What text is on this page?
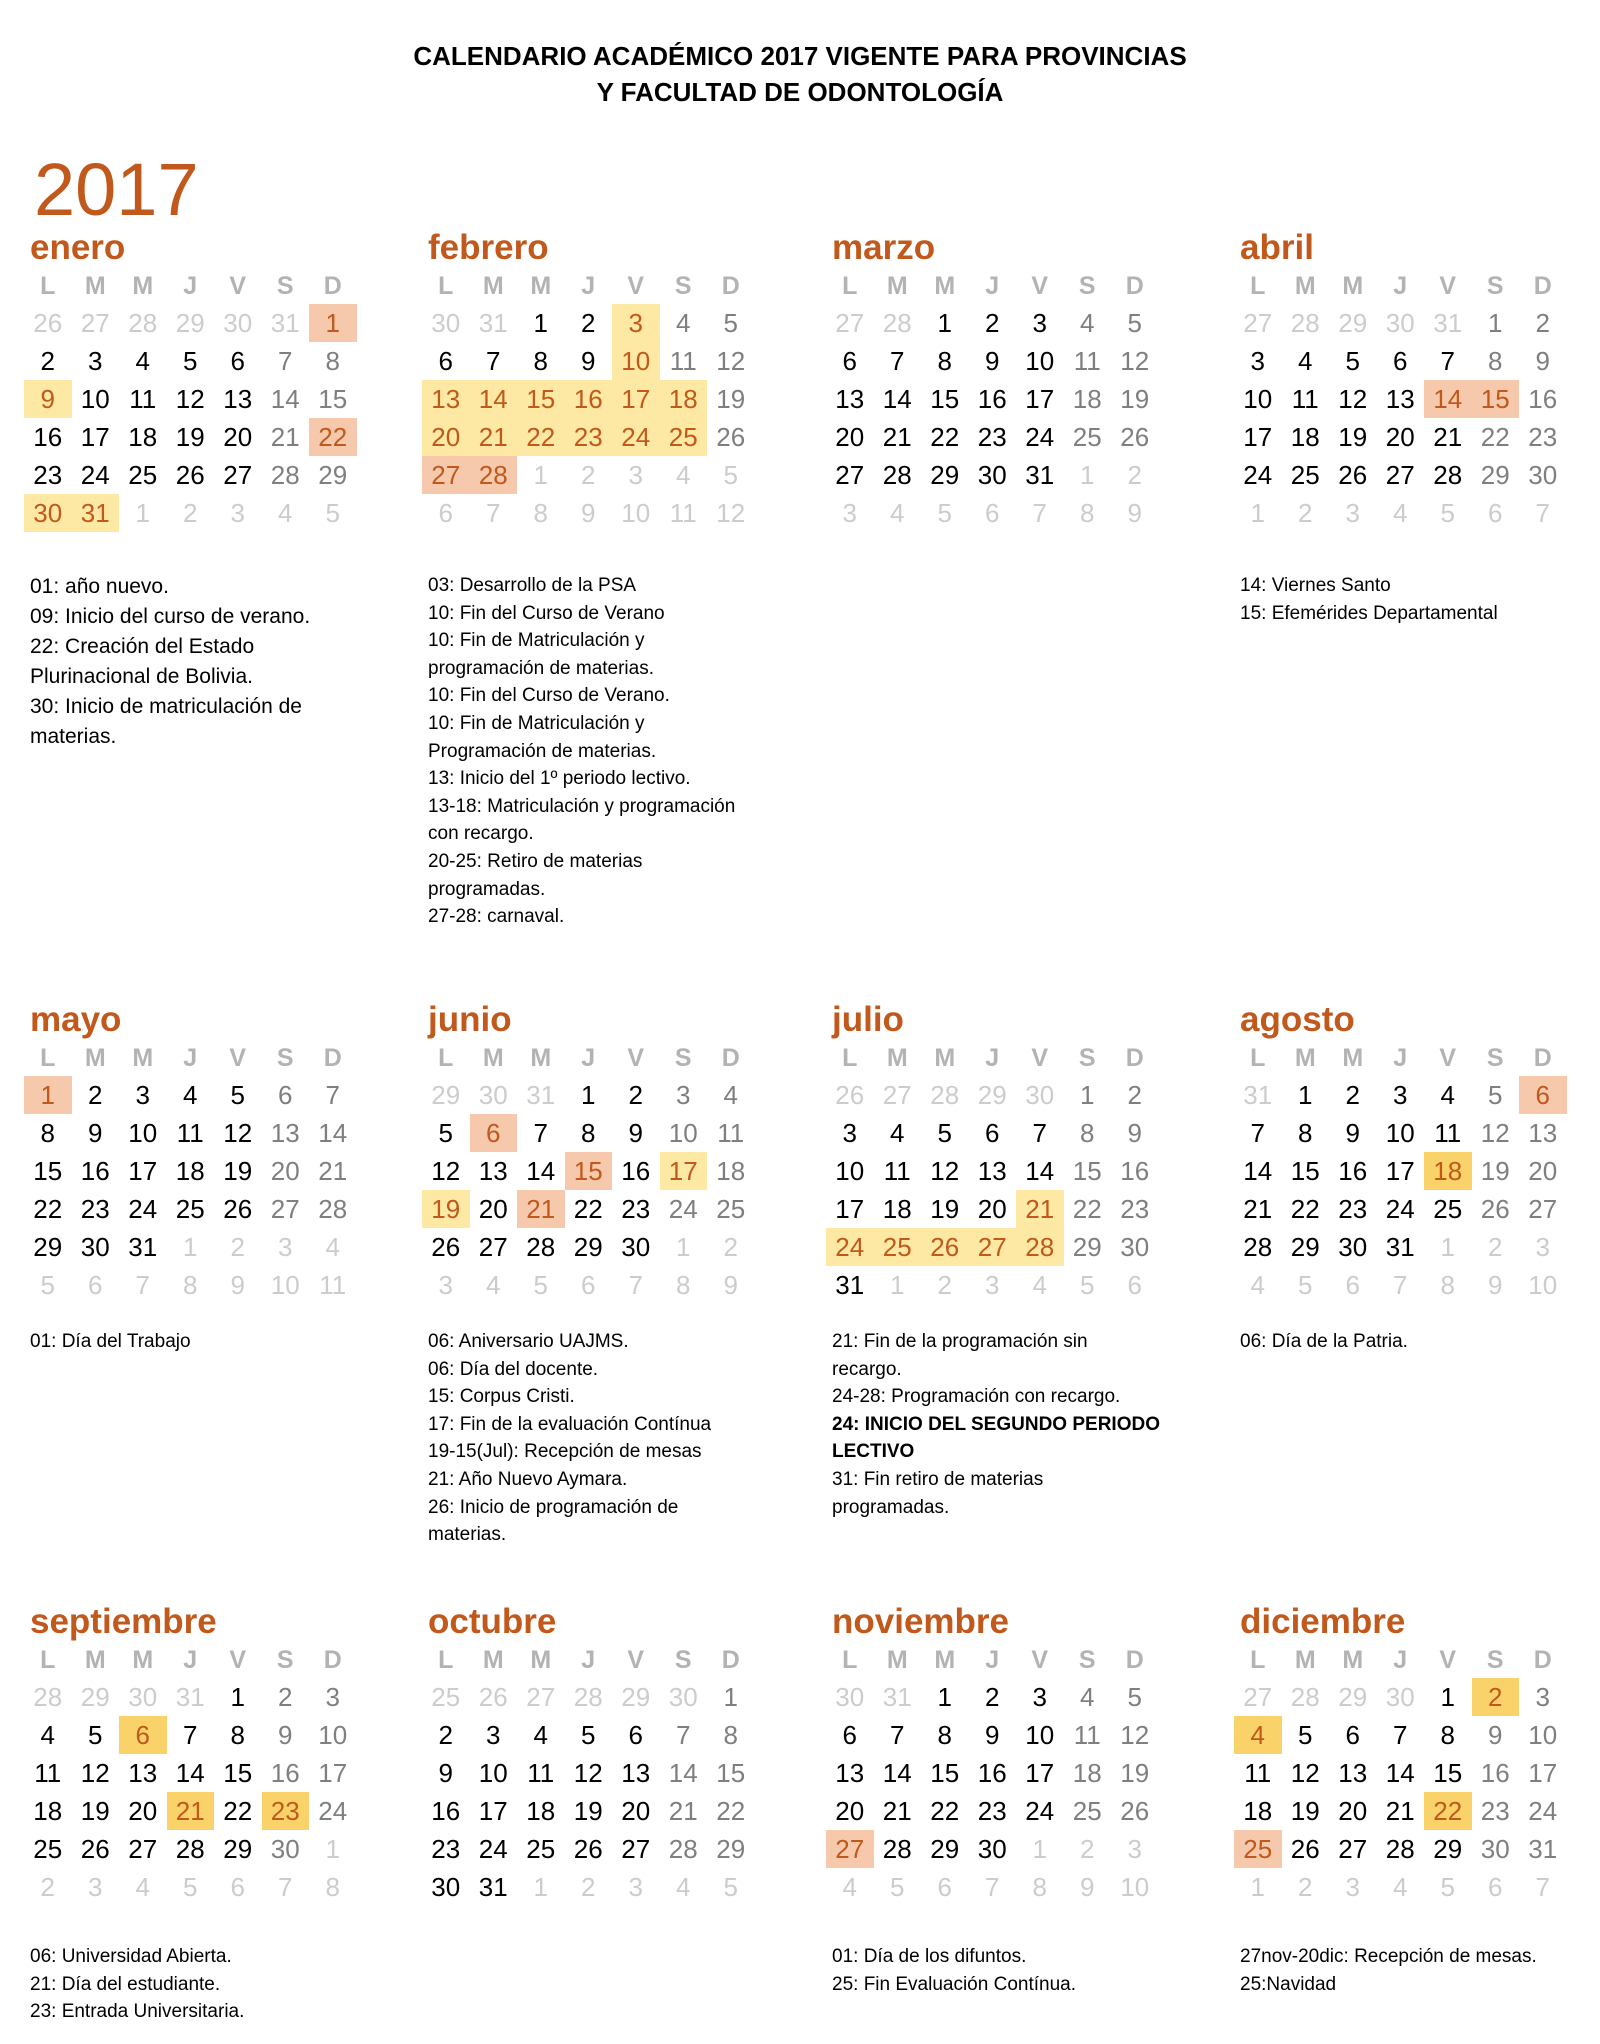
CALENDARIO ACADÉMICO 2017 VIGENTE PARA PROVINCIAS
Y FACULTAD DE ODONTOLOGÍA
2017
enero
L	M	M	J	V	S	D
26 27 28 29 30 31 1
2	3	4	5	6	7	8
9 10 11 12 13 14 15
16 17 18 19 20 21 22
23 24 25 26 27 28 29
30 31 1	2	3	4	5
febrero
L	M	M	J	V	S	D
30 31 1	2	3	4	5
6	7	8	9 10 11 12
13 14 15 16 17 18 19
20 21 22 23 24 25 26
27 28 1	2	3	4	5
6	7	8	9 10 11 12
marzo
L	M	M	J	V	S	D
27 28 1	2	3	4	5
6	7	8	9 10 11 12
13 14 15 16 17 18 19
20 21 22 23 24 25 26
27 28 29 30 31 1	2
3	4	5	6	7	8	9
abril
L	M	M	J	V	S	D
27 28 29 30 31 1	2
3	4	5	6	7	8	9
10 11 12 13 14 15 16
17 18 19 20 21 22 23
24 25 26 27 28 29 30
1	2	3	4	5	6	7
mayo
L	M	M	J	V	S	D
1	2	3	4	5	6	7
8	9 10 11 12 13 14
15 16 17 18 19 20 21
22 23 24 25 26 27 28
29 30 31 1	2	3	4
5	6	7	8	9 10 11
junio
L	M	M	J	V	S	D
29 30 31 1	2	3	4
5	6	7	8	9 10 11
12 13 14 15 16 17 18
19 20 21 22 23 24 25
26 27 28 29 30 1	2
3	4	5	6	7	8	9
julio
L	M	M	J	V	S	D
26 27 28 29 30 1	2
3	4	5	6	7	8	9
10 11 12 13 14 15 16
17 18 19 20 21 22 23
24 25 26 27 28 29 30
31 1	2	3	4	5	6
agosto
L	M	M	J	V	S	D
31 1	2	3	4	5	6
7	8	9 10 11 12 13
14 15 16 17 18 19 20
21 22 23 24 25 26 27
28 29 30 31 1	2	3
4	5	6	7	8	9 10
septiembre
L	M	M	J	V	S	D
28 29 30 31 1	2	3
4	5	6	7	8	9 10
11 12 13 14 15 16 17
18 19 20 21 22 23 24
25 26 27 28 29 30 1
2	3	4	5	6	7	8
octubre
L	M	M	J	V	S	D
25 26 27 28 29 30 1
2	3	4	5	6	7	8
9 10 11 12 13 14 15
16 17 18 19 20 21 22
23 24 25 26 27 28 29
30 31 1	2	3	4	5
noviembre
L	M	M	J	V	S	D
30 31 1	2	3	4	5
6	7	8	9 10 11 12
13 14 15 16 17 18 19
20 21 22 23 24 25 26
27 28 29 30 1	2	3
4	5	6	7	8	9 10
diciembre
L	M	M	J	V	S	D
27 28 29 30 1	2	3
4	5	6	7	8	9 10
11 12 13 14 15 16 17
18 19 20 21 22 23 24
25 26 27 28 29 30 31
1	2	3	4	5	6	7
01: año nuevo.
09: Inicio del curso de verano.
22: Creación del Estado Plurinacional de Bolivia.
30: Inicio de matriculación de materias.
03: Desarrollo de la PSA
10: Fin del Curso de Verano
10: Fin de Matriculación y programación de materias.
10: Fin del Curso de Verano.
10: Fin de Matriculación y Programación de materias.
13: Inicio del 1º periodo lectivo.
13-18: Matriculación y programación con recargo.
20-25: Retiro de materias programadas.
27-28: carnaval.
14: Viernes Santo
15: Efemérides Departamental
01: Día del Trabajo	06: Aniversario UAJMS.
06: Día del docente.
15: Corpus Cristi.
17: Fin de la evaluación Contínua
19-15(Jul): Recepción de mesas
21: Año Nuevo Aymara.
26: Inicio de programación de materias.
21: Fin de la programación sin recargo.
24-28: Programación con recargo.
24: INICIO DEL SEGUNDO PERIODO LECTIVO
31: Fin retiro de materias programadas.
06: Día de la Patria.
06: Universidad Abierta.
21: Día del estudiante.
23: Entrada Universitaria.
01: Día de los difuntos.
25: Fin Evaluación Contínua.
27nov-20dic: Recepción de mesas.
25:Navidad
